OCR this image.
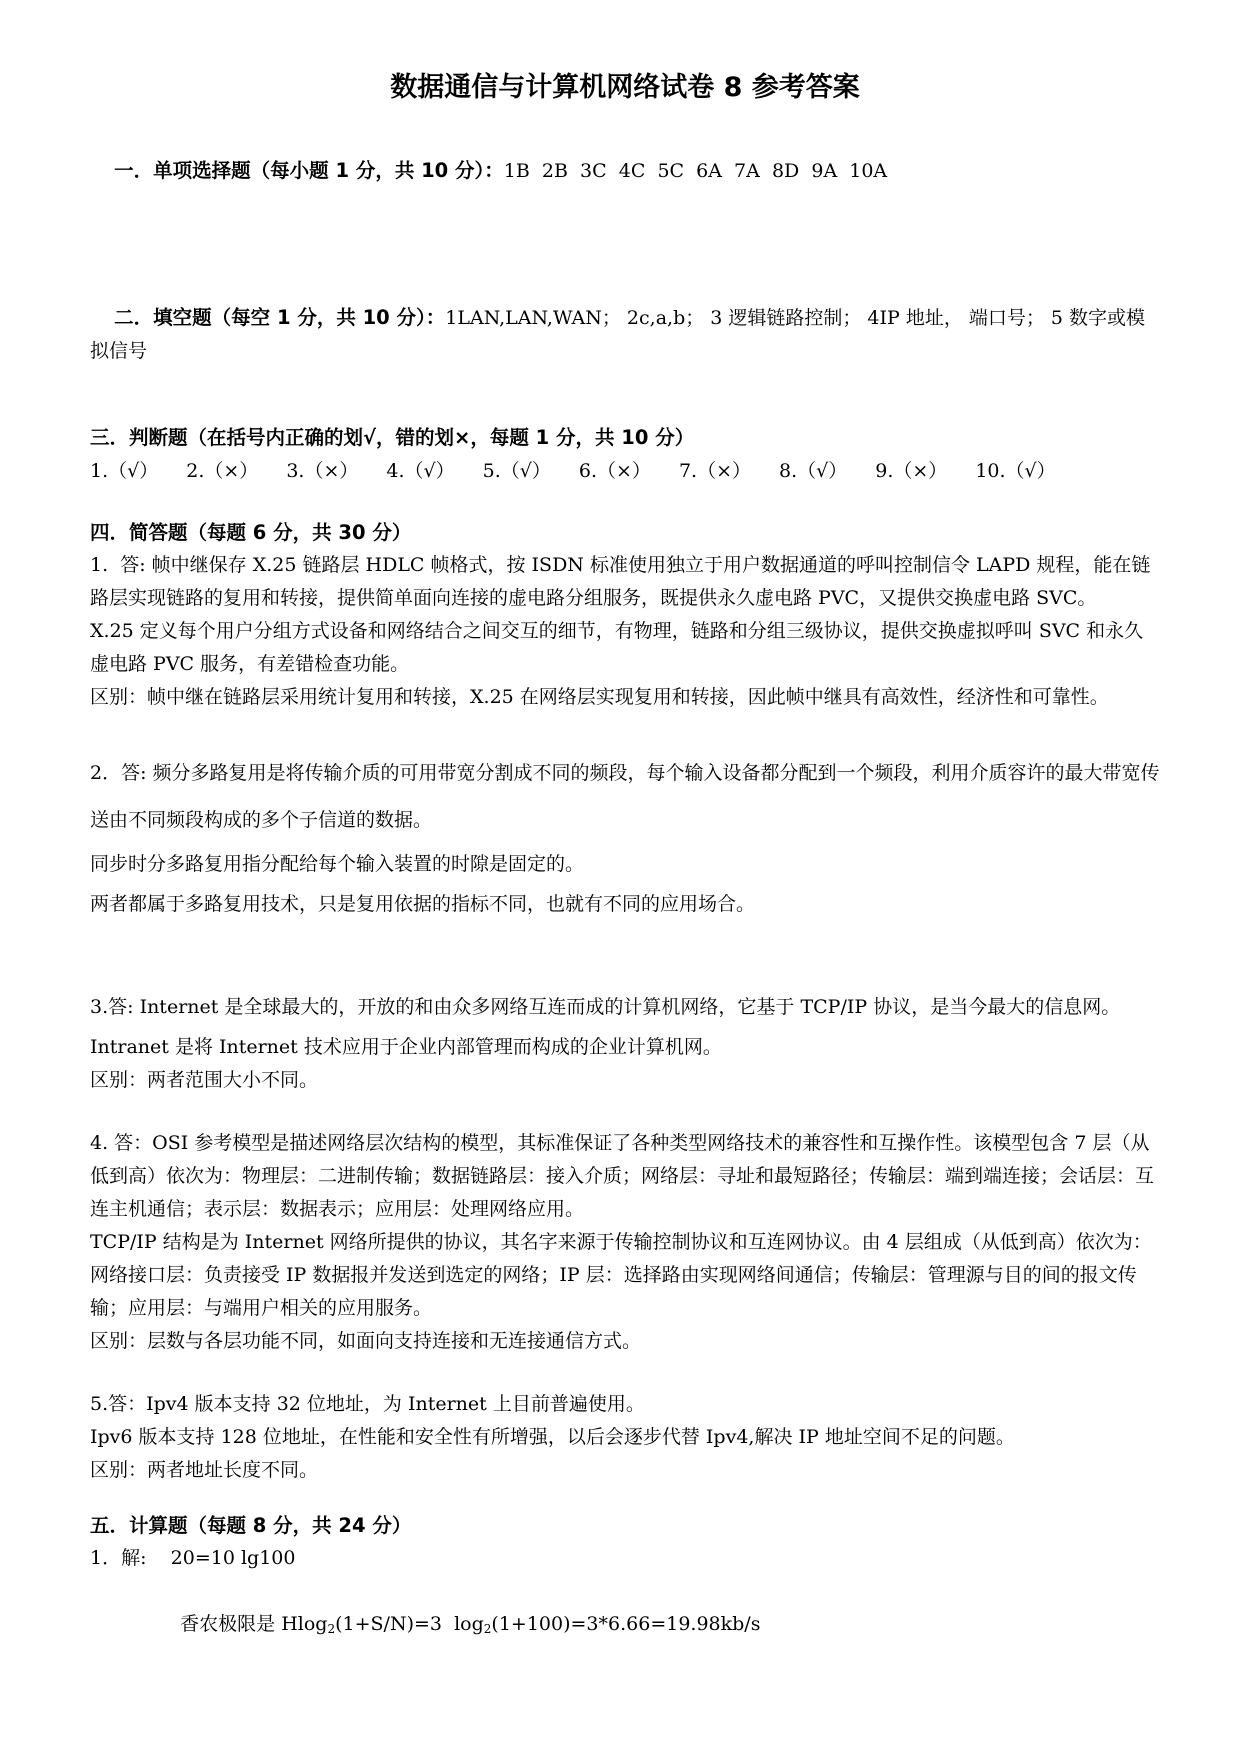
数据通信与计算机网络试卷 8 参考答案

一．单项选择题（每小题 1 分，共 10 分）：1B  2B  3C  4C  5C  6A  7A  8D  9A  10A

二．填空题（每空 1 分，共 10 分）：1LAN,LAN,WAN； 2c,a,b； 3 逻辑链路控制； 4IP 地址， 端口号； 5 数字或模拟信号

三．判断题（在括号内正确的划√，错的划×，每题 1 分，共 10 分）

1.（√） 2.（×） 3.（×） 4.（√） 5.（√） 6.（×） 7.（×） 8.（√） 9.（×） 10.（√）

四．简答题（每题 6 分，共 30 分）

1.  答: 帧中继保存 X.25 链路层 HDLC 帧格式，按 ISDN 标准使用独立于用户数据通道的呼叫控制信令 LAPD 规程，能在链路层实现链路的复用和转接，提供简单面向连接的虚电路分组服务，既提供永久虚电路 PVC，又提供交换虚电路 SVC。

X.25 定义每个用户分组方式设备和网络结合之间交互的细节，有物理，链路和分组三级协议，提供交换虚拟呼叫 SVC 和永久虚电路 PVC 服务，有差错检查功能。

区别：帧中继在链路层采用统计复用和转接，X.25 在网络层实现复用和转接，因此帧中继具有高效性，经济性和可靠性。

2．答: 频分多路复用是将传输介质的可用带宽分割成不同的频段，每个输入设备都分配到一个频段，利用介质容许的最大带宽传送由不同频段构成的多个子信道的数据。

同步时分多路复用指分配给每个输入装置的时隙是固定的。

两者都属于多路复用技术，只是复用依据的指标不同，也就有不同的应用场合。

3.答: Internet 是全球最大的，开放的和由众多网络互连而成的计算机网络，它基于 TCP/IP 协议，是当今最大的信息网。

Intranet 是将 Internet 技术应用于企业内部管理而构成的企业计算机网。

区别：两者范围大小不同。

4. 答：OSI 参考模型是描述网络层次结构的模型，其标准保证了各种类型网络技术的兼容性和互操作性。该模型包含 7 层（从低到高）依次为：物理层：二进制传输；数据链路层：接入介质；网络层：寻址和最短路径；传输层：端到端连接；会话层：互连主机通信；表示层：数据表示；应用层：处理网络应用。

TCP/IP 结构是为 Internet 网络所提供的协议，其名字来源于传输控制协议和互连网协议。由 4 层组成（从低到高）依次为：网络接口层：负责接受 IP 数据报并发送到选定的网络；IP 层：选择路由实现网络间通信；传输层：管理源与目的间的报文传输；应用层：与端用户相关的应用服务。

区别：层数与各层功能不同，如面向支持连接和无连接通信方式。

5.答：Ipv4 版本支持 32 位地址，为 Internet 上目前普遍使用。

Ipv6 版本支持 128 位地址，在性能和安全性有所增强，以后会逐步代替 Ipv4,解决 IP 地址空间不足的问题。

区别：两者地址长度不同。

五．计算题（每题 8 分，共 24 分）

1．解:    20=10 lg100

香农极限是 Hlog$_2$(1+S/N)=3  $\log_2(1+100)=3*6.66=19.98kb/s$
